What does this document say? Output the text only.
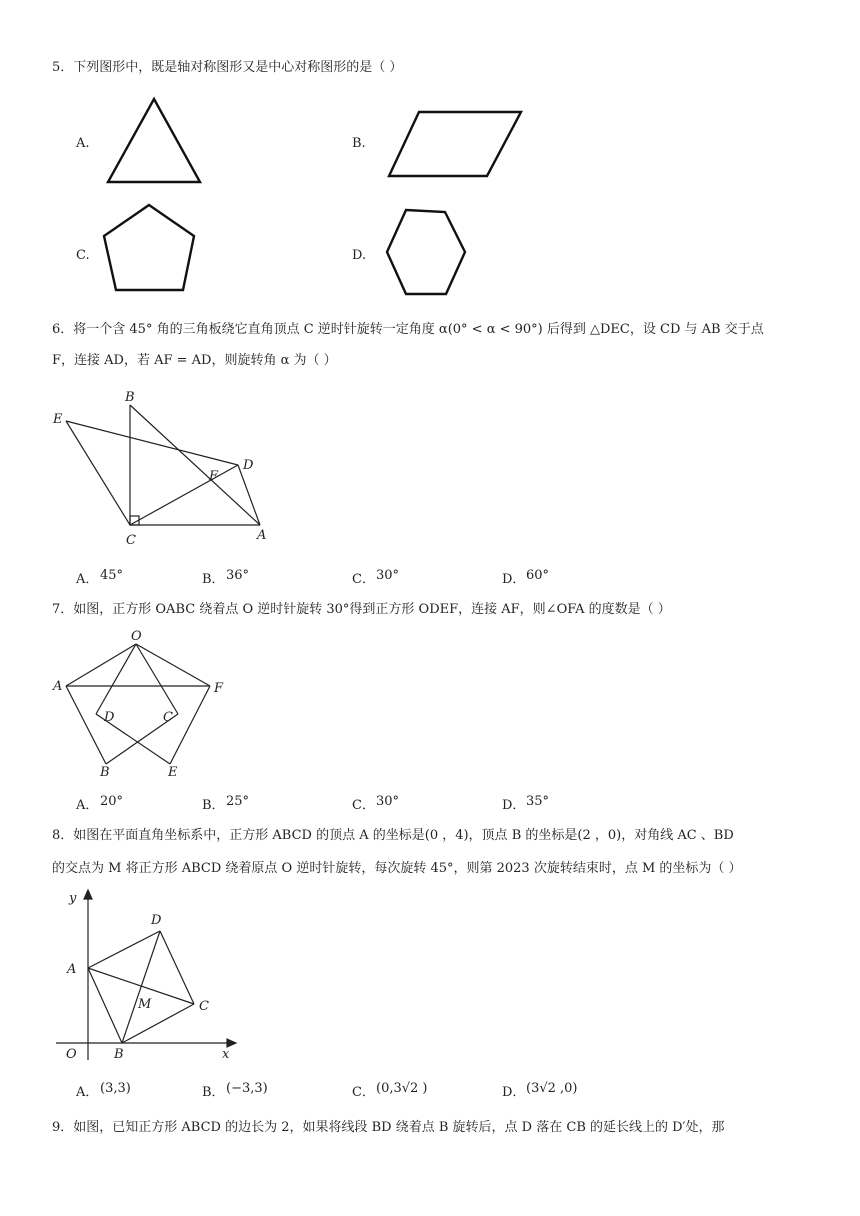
5．下列图形中，既是轴对称图形又是中心对称图形的是（ ）
A.	B.
C.	D.
6．将一个含 45° 角的三角板绕它直角顶点 C 逆时针旋转一定角度 α(0° < α < 90°) 后得到 △DEC，设 CD 与 AB 交于点
F，连接 AD，若 AF = AD，则旋转角 α 为（ ）
E
B
D
F
C	A
A． 45°	B． 36°	C． 30°	D． 60°
7．如图，正方形 OABC 绕着点 O 逆时针旋转 30°得到正方形 ODEF，连接 AF，则∠OFA 的度数是（ ）
O
A	F
D	C
B	E
A． 20°	B． 25°	C． 30°	D． 35°
8．如图在平面直角坐标系中，正方形 ABCD 的顶点 A 的坐标是(0 ，4)，顶点 B 的坐标是(2 ，0)，对角线 AC 、BD
的交点为 M 将正方形 ABCD 绕着原点 O 逆时针旋转，每次旋转 45°，则第 2023 次旋转结束时，点 M 的坐标为（ ）
y
D
A
M	C
O	B	x
A． (3,3)	B． (−3,3)	C． (0,3√2 )	D． (3√2 ,0)
9．如图，已知正方形 ABCD 的边长为 2，如果将线段 BD 绕着点 B 旋转后，点 D 落在 CB 的延长线上的 D′处，那
